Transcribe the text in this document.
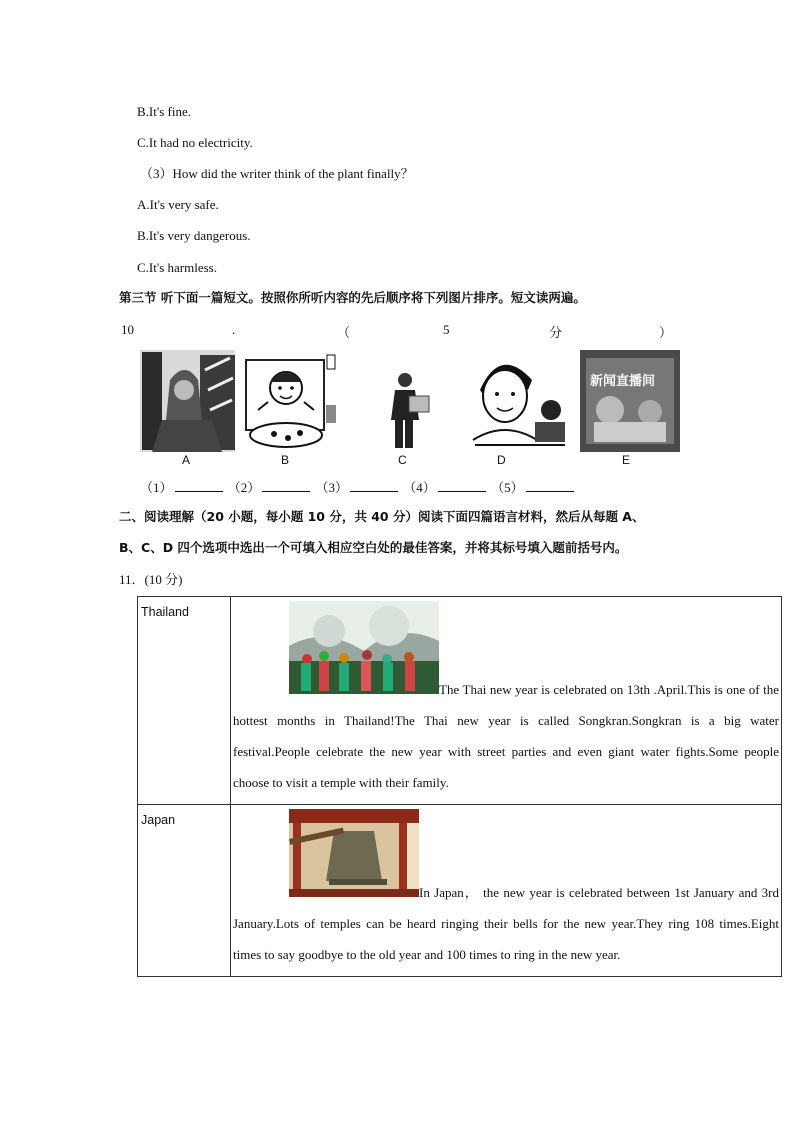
B.It's fine.
C.It had no electricity.
（3）How did the writer think of the plant finally？
A.It's very safe.
B.It's very dangerous.
C.It's harmless.
第三节 听下面一篇短文。按照你所听内容的先后顺序将下列图片排序。短文读两遍。
10	.	（	5	分	）
新闻直播间
A	B	C	D	E
（1）	（2）	（3）	（4）	（5）
二、阅读理解（20 小题，每小题 10 分，共 40 分）阅读下面四篇语言材料，然后从每题 A、
B、C、D 四个选项中选出一个可填入相应空白处的最佳答案，并将其标号填入题前括号内。
11．(10 分)
Thailand	The Thai new year is celebrated on 13th .April.This is one of the hottest months in Thailand!The Thai new year is called Songkran.Songkran is a big water festival.People celebrate the new year with street parties and even giant water fights.Some people choose to visit a temple with their family.
Japan	In Japan， the new year is celebrated between 1st January and 3rd January.Lots of temples can be heard ringing their bells for the new year.They ring 108 times.Eight times to say goodbye to the old year and 100 times to ring in the new year.
